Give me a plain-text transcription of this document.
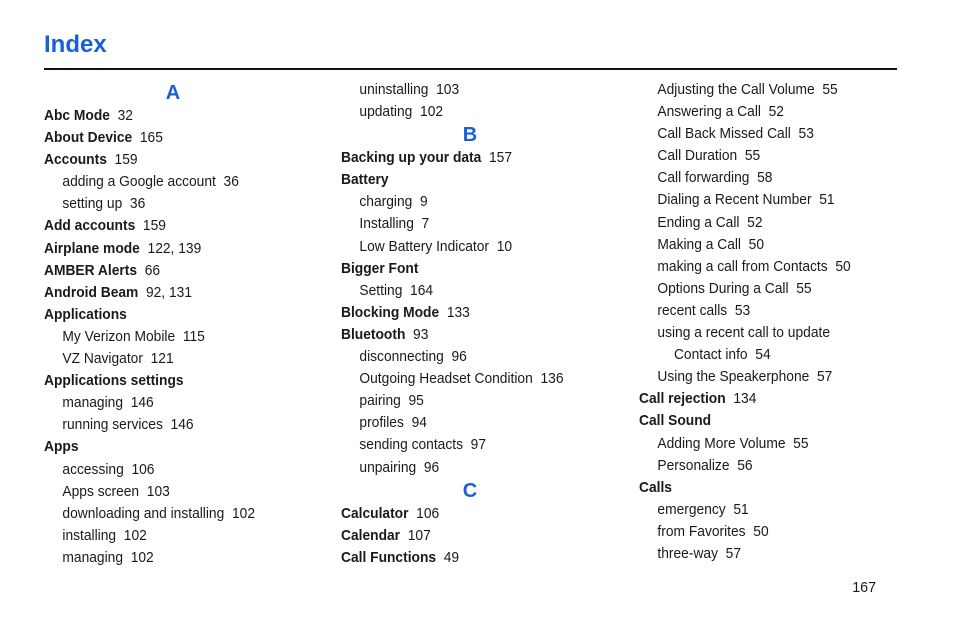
Index
A
Abc Mode 32
About Device 165
Accounts 159
adding a Google account 36
setting up 36
Add accounts 159
Airplane mode 122, 139
AMBER Alerts 66
Android Beam 92, 131
Applications
My Verizon Mobile 115
VZ Navigator 121
Applications settings
managing 146
running services 146
Apps
accessing 106
Apps screen 103
downloading and installing 102
installing 102
managing 102
uninstalling 103
updating 102
B
Backing up your data 157
Battery
charging 9
Installing 7
Low Battery Indicator 10
Bigger Font
Setting 164
Blocking Mode 133
Bluetooth 93
disconnecting 96
Outgoing Headset Condition 136
pairing 95
profiles 94
sending contacts 97
unpairing 96
C
Calculator 106
Calendar 107
Call Functions 49
Adjusting the Call Volume 55
Answering a Call 52
Call Back Missed Call 53
Call Duration 55
Call forwarding 58
Dialing a Recent Number 51
Ending a Call 52
Making a Call 50
making a call from Contacts 50
Options During a Call 55
recent calls 53
using a recent call to update
Contact info 54
Using the Speakerphone 57
Call rejection 134
Call Sound
Adding More Volume 55
Personalize 56
Calls
emergency 51
from Favorites 50
three-way 57
167
